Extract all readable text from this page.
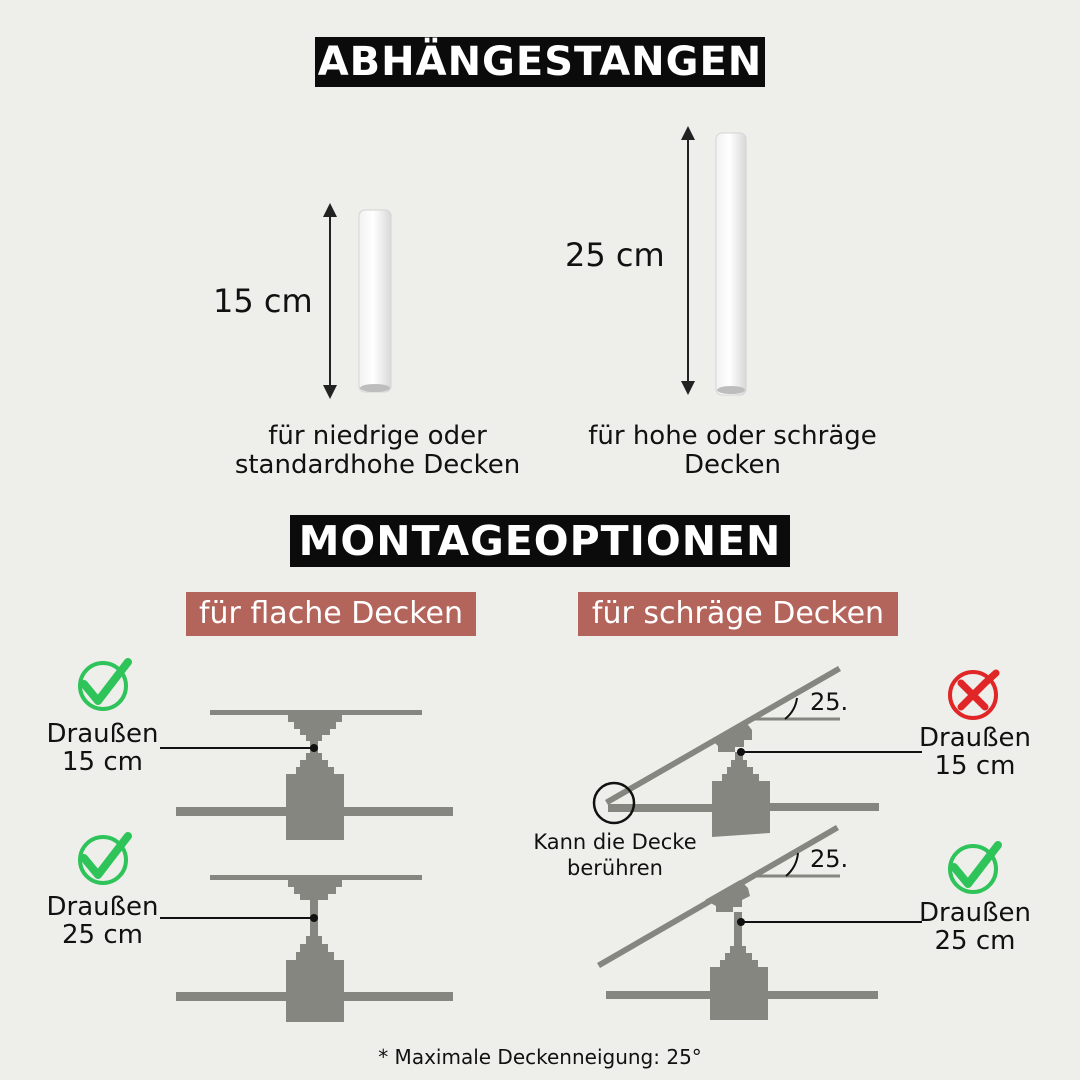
ABHÄNGESTANGEN
MONTAGEOPTIONEN
15 cm
25 cm
für niedrige oder
standardhohe Decken
für hohe oder schräge
Decken
für flache Decken	für schräge Decken
Draußen
15 cm
Draußen
25 cm
Draußen
15 cm
Draußen
25 cm
25.
25.
Kann die Decke
berühren
* Maximale Deckenneigung: 25°
